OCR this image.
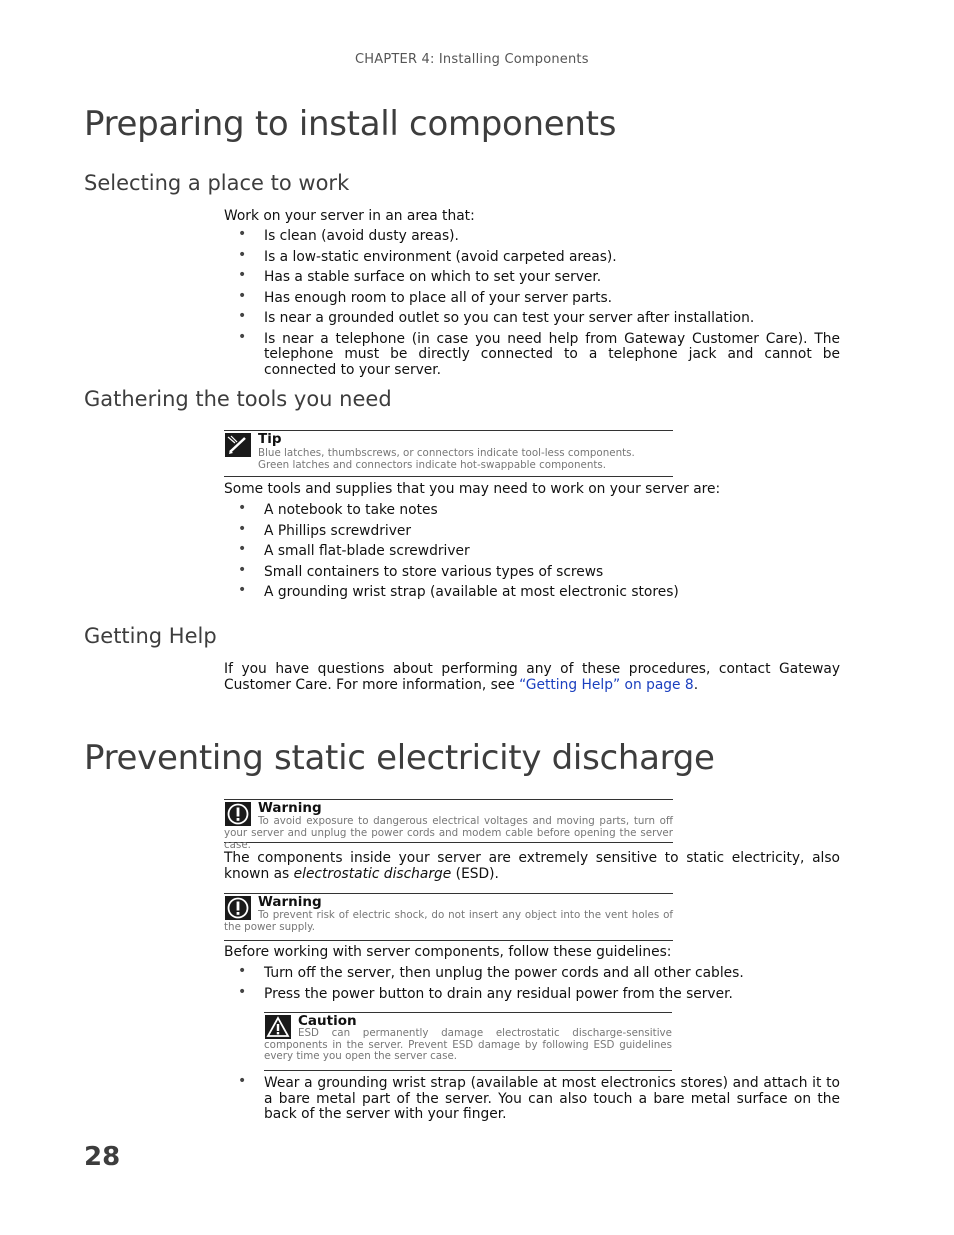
CHAPTER 4: Installing Components
Preparing to install components
Selecting a place to work
Work on your server in an area that:
• Is clean (avoid dusty areas).
• Is a low-static environment (avoid carpeted areas).
• Has a stable surface on which to set your server.
• Has enough room to place all of your server parts.
• Is near a grounded outlet so you can test your server after installation.
• Is near a telephone (in case you need help from Gateway Customer Care). The telephone must be directly connected to a telephone jack and cannot be connected to your server.
Gathering the tools you need
Tip
Blue latches, thumbscrews, or connectors indicate tool-less components.
Green latches and connectors indicate hot-swappable components.
Some tools and supplies that you may need to work on your server are:
• A notebook to take notes
• A Phillips screwdriver
• A small flat-blade screwdriver
• Small containers to store various types of screws
• A grounding wrist strap (available at most electronic stores)
Getting Help
If you have questions about performing any of these procedures, contact Gateway Customer Care. For more information, see “Getting Help” on page 8.
Preventing static electricity discharge
Warning
To avoid exposure to dangerous electrical voltages and moving parts, turn off your server and unplug the power cords and modem cable before opening the server case.
The components inside your server are extremely sensitive to static electricity, also known as electrostatic discharge (ESD).
Warning
To prevent risk of electric shock, do not insert any object into the vent holes of the power supply.
Before working with server components, follow these guidelines:
• Turn off the server, then unplug the power cords and all other cables.
• Press the power button to drain any residual power from the server.
Caution
ESD can permanently damage electrostatic discharge-sensitive components in the server. Prevent ESD damage by following ESD guidelines every time you open the server case.
• Wear a grounding wrist strap (available at most electronics stores) and attach it to a bare metal part of the server. You can also touch a bare metal surface on the back of the server with your finger.
28
